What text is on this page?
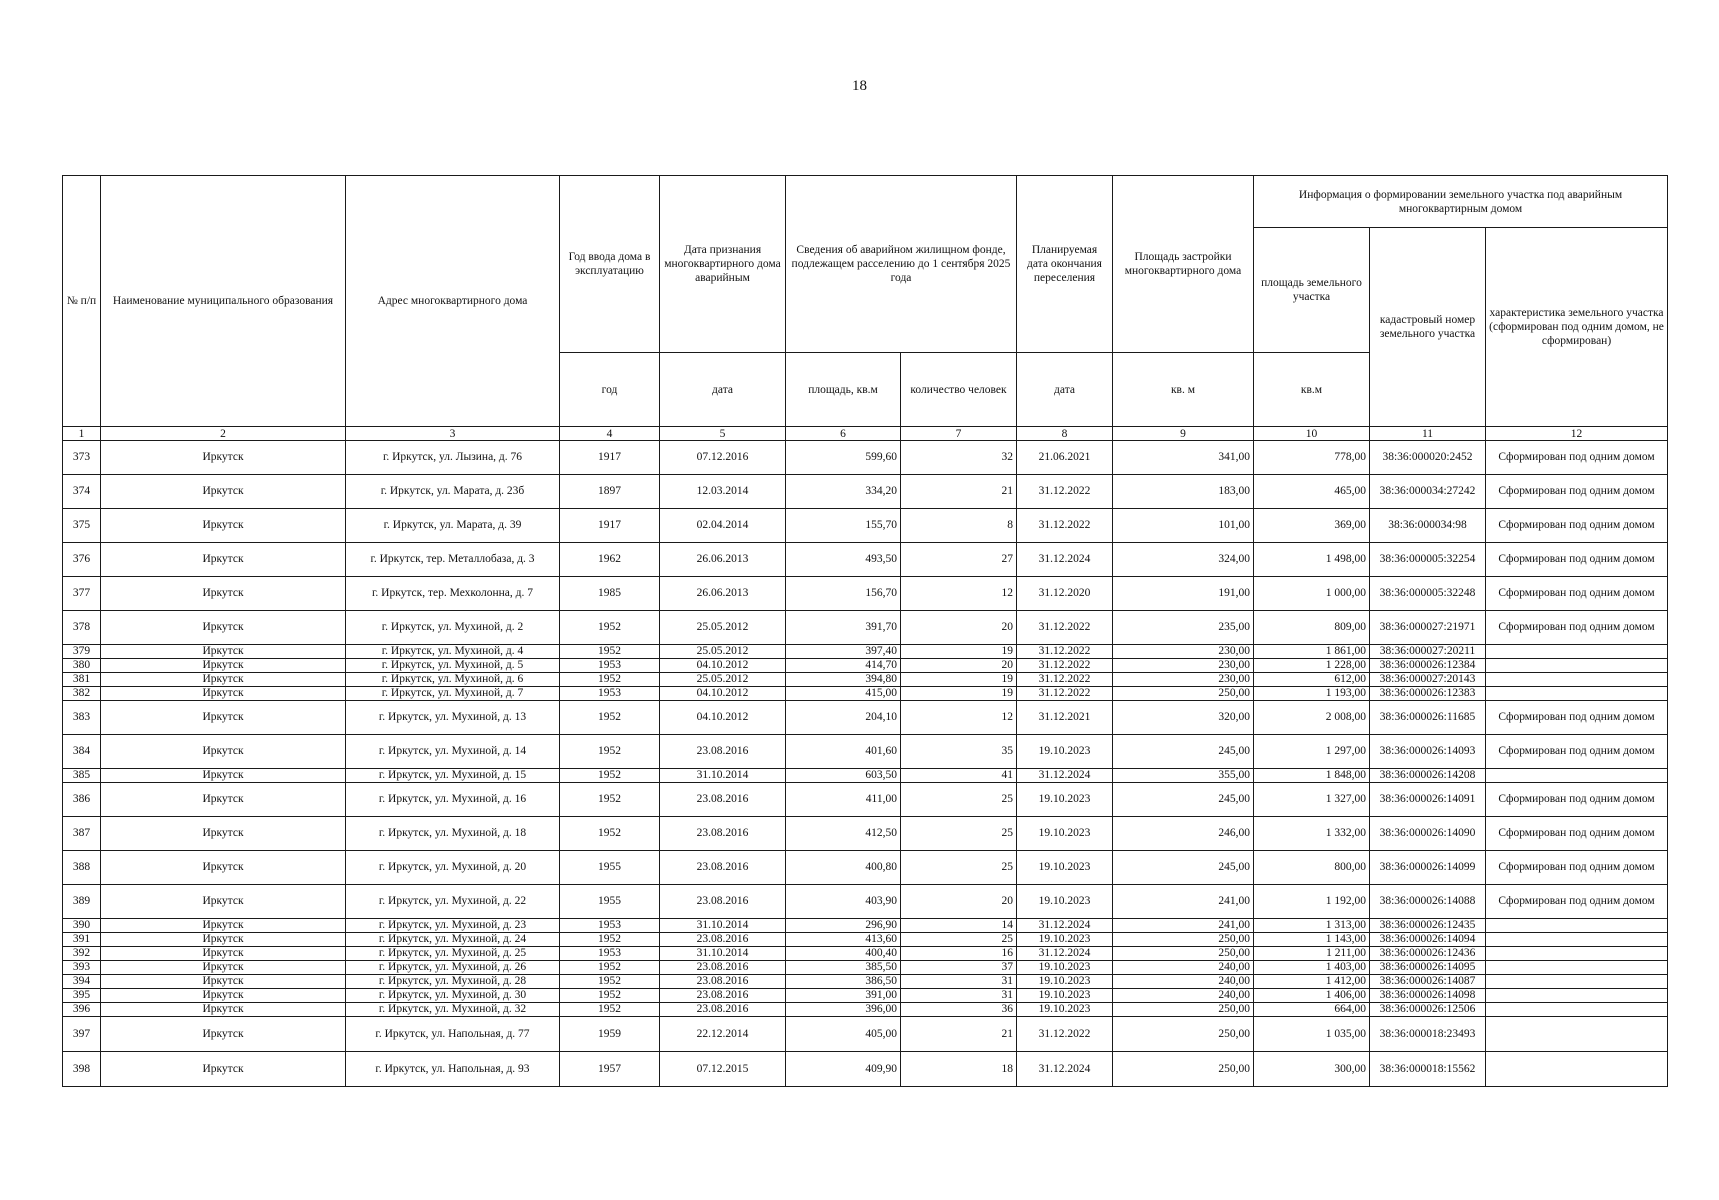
18
№ п/п	Наименование муниципального образования	Адрес многоквартирного дома	Год ввода дома в эксплуатацию	Дата признания многоквартирного дома аварийным	Сведения об аварийном жилищном фонде, подлежащем расселению до 1 сентября 2025 года		Планируемая дата окончания переселения	Площадь застройки многоквартирного дома	Информация о формировании земельного участка под аварийным многоквартирным домом		
									площадь земельного участка	кадастровый номер земельного участка	характеристика земельного участка (сформирован под одним домом, не сформирован)
			год	дата	площадь, кв.м	количество человек	дата	кв. м	кв.м		
1	2	3	4	5	6	7	8	9	10	11	12
373	Иркутск	г. Иркутск, ул. Лызина, д. 76	1917	07.12.2016	599,60	32	21.06.2021	341,00	778,00	38:36:000020:2452	Сформирован под одним домом
374	Иркутск	г. Иркутск, ул. Марата, д. 23б	1897	12.03.2014	334,20	21	31.12.2022	183,00	465,00	38:36:000034:27242	Сформирован под одним домом
375	Иркутск	г. Иркутск, ул. Марата, д. 39	1917	02.04.2014	155,70	8	31.12.2022	101,00	369,00	38:36:000034:98	Сформирован под одним домом
376	Иркутск	г. Иркутск, тер. Металлобаза, д. 3	1962	26.06.2013	493,50	27	31.12.2024	324,00	1 498,00	38:36:000005:32254	Сформирован под одним домом
377	Иркутск	г. Иркутск, тер. Мехколонна, д. 7	1985	26.06.2013	156,70	12	31.12.2020	191,00	1 000,00	38:36:000005:32248	Сформирован под одним домом
378	Иркутск	г. Иркутск, ул. Мухиной, д. 2	1952	25.05.2012	391,70	20	31.12.2022	235,00	809,00	38:36:000027:21971	Сформирован под одним домом
379	Иркутск	г. Иркутск, ул. Мухиной, д. 4	1952	25.05.2012	397,40	19	31.12.2022	230,00	1 861,00	38:36:000027:20211	
380	Иркутск	г. Иркутск, ул. Мухиной, д. 5	1953	04.10.2012	414,70	20	31.12.2022	230,00	1 228,00	38:36:000026:12384	
381	Иркутск	г. Иркутск, ул. Мухиной, д. 6	1952	25.05.2012	394,80	19	31.12.2022	230,00	612,00	38:36:000027:20143	
382	Иркутск	г. Иркутск, ул. Мухиной, д. 7	1953	04.10.2012	415,00	19	31.12.2022	250,00	1 193,00	38:36:000026:12383	
383	Иркутск	г. Иркутск, ул. Мухиной, д. 13	1952	04.10.2012	204,10	12	31.12.2021	320,00	2 008,00	38:36:000026:11685	Сформирован под одним домом
384	Иркутск	г. Иркутск, ул. Мухиной, д. 14	1952	23.08.2016	401,60	35	19.10.2023	245,00	1 297,00	38:36:000026:14093	Сформирован под одним домом
385	Иркутск	г. Иркутск, ул. Мухиной, д. 15	1952	31.10.2014	603,50	41	31.12.2024	355,00	1 848,00	38:36:000026:14208	
386	Иркутск	г. Иркутск, ул. Мухиной, д. 16	1952	23.08.2016	411,00	25	19.10.2023	245,00	1 327,00	38:36:000026:14091	Сформирован под одним домом
387	Иркутск	г. Иркутск, ул. Мухиной, д. 18	1952	23.08.2016	412,50	25	19.10.2023	246,00	1 332,00	38:36:000026:14090	Сформирован под одним домом
388	Иркутск	г. Иркутск, ул. Мухиной, д. 20	1955	23.08.2016	400,80	25	19.10.2023	245,00	800,00	38:36:000026:14099	Сформирован под одним домом
389	Иркутск	г. Иркутск, ул. Мухиной, д. 22	1955	23.08.2016	403,90	20	19.10.2023	241,00	1 192,00	38:36:000026:14088	Сформирован под одним домом
390	Иркутск	г. Иркутск, ул. Мухиной, д. 23	1953	31.10.2014	296,90	14	31.12.2024	241,00	1 313,00	38:36:000026:12435	
391	Иркутск	г. Иркутск, ул. Мухиной, д. 24	1952	23.08.2016	413,60	25	19.10.2023	250,00	1 143,00	38:36:000026:14094	
392	Иркутск	г. Иркутск, ул. Мухиной, д. 25	1953	31.10.2014	400,40	16	31.12.2024	250,00	1 211,00	38:36:000026:12436	
393	Иркутск	г. Иркутск, ул. Мухиной, д. 26	1952	23.08.2016	385,50	37	19.10.2023	240,00	1 403,00	38:36:000026:14095	
394	Иркутск	г. Иркутск, ул. Мухиной, д. 28	1952	23.08.2016	386,50	31	19.10.2023	240,00	1 412,00	38:36:000026:14087	
395	Иркутск	г. Иркутск, ул. Мухиной, д. 30	1952	23.08.2016	391,00	31	19.10.2023	240,00	1 406,00	38:36:000026:14098	
396	Иркутск	г. Иркутск, ул. Мухиной, д. 32	1952	23.08.2016	396,00	36	19.10.2023	250,00	664,00	38:36:000026:12506	
397	Иркутск	г. Иркутск, ул. Напольная, д. 77	1959	22.12.2014	405,00	21	31.12.2022	250,00	1 035,00	38:36:000018:23493	
398	Иркутск	г. Иркутск, ул. Напольная, д. 93	1957	07.12.2015	409,90	18	31.12.2024	250,00	300,00	38:36:000018:15562	
